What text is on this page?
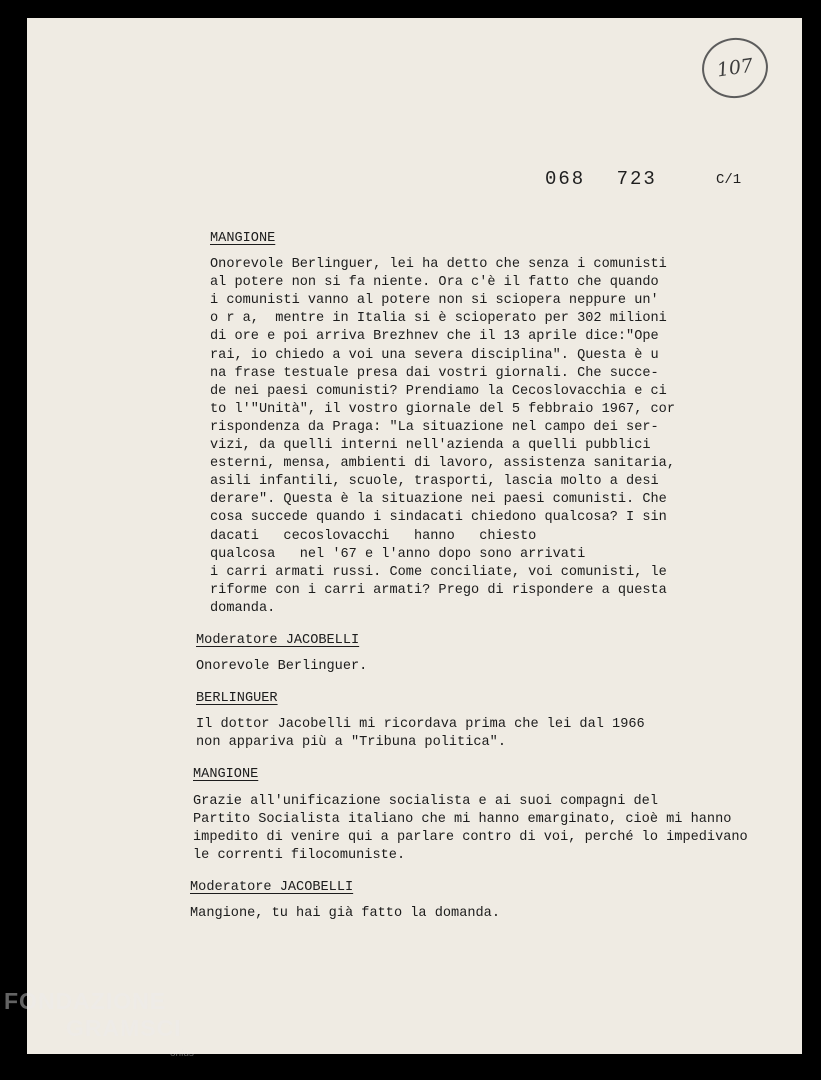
107
068 723	C/1
MANGIONE
Onorevole Berlinguer, lei ha detto che senza i comunisti
al potere non si fa niente. Ora c'è il fatto che quando
i comunisti vanno al potere non si sciopera neppure un'
o r a,  mentre in Italia si è scioperato per 302 milioni
di ore e poi arriva Brezhnev che il 13 aprile dice:"Ope
rai, io chiedo a voi una severa disciplina". Questa è u
na frase testuale presa dai vostri giornali. Che succe-
de nei paesi comunisti? Prendiamo la Cecoslovacchia e ci
to l'"Unità", il vostro giornale del 5 febbraio 1967, cor
rispondenza da Praga: "La situazione nel campo dei ser-
vizi, da quelli interni nell'azienda a quelli pubblici
esterni, mensa, ambienti di lavoro, assistenza sanitaria,
asili infantili, scuole, trasporti, lascia molto a desi
derare". Questa è la situazione nei paesi comunisti. Che
cosa succede quando i sindacati chiedono qualcosa? I sin
dacati   cecoslovacchi   hanno   chiesto
qualcosa   nel '67 e l'anno dopo sono arrivati
i carri armati russi. Come conciliate, voi comunisti, le
riforme con i carri armati? Prego di rispondere a questa
domanda.
Moderatore JACOBELLI
Onorevole Berlinguer.
BERLINGUER
Il dottor Jacobelli mi ricordava prima che lei dal 1966
non appariva più a "Tribuna politica".
MANGIONE
Grazie all'unificazione socialista e ai suoi compagni del
Partito Socialista italiano che mi hanno emarginato, cioè mi hanno
impedito di venire qui a parlare contro di voi, perché lo impedivano
le correnti filocomuniste.
Moderatore JACOBELLI
Mangione, tu hai già fatto la domanda.
FONDAZIONE
GRAMSCI
onlus
